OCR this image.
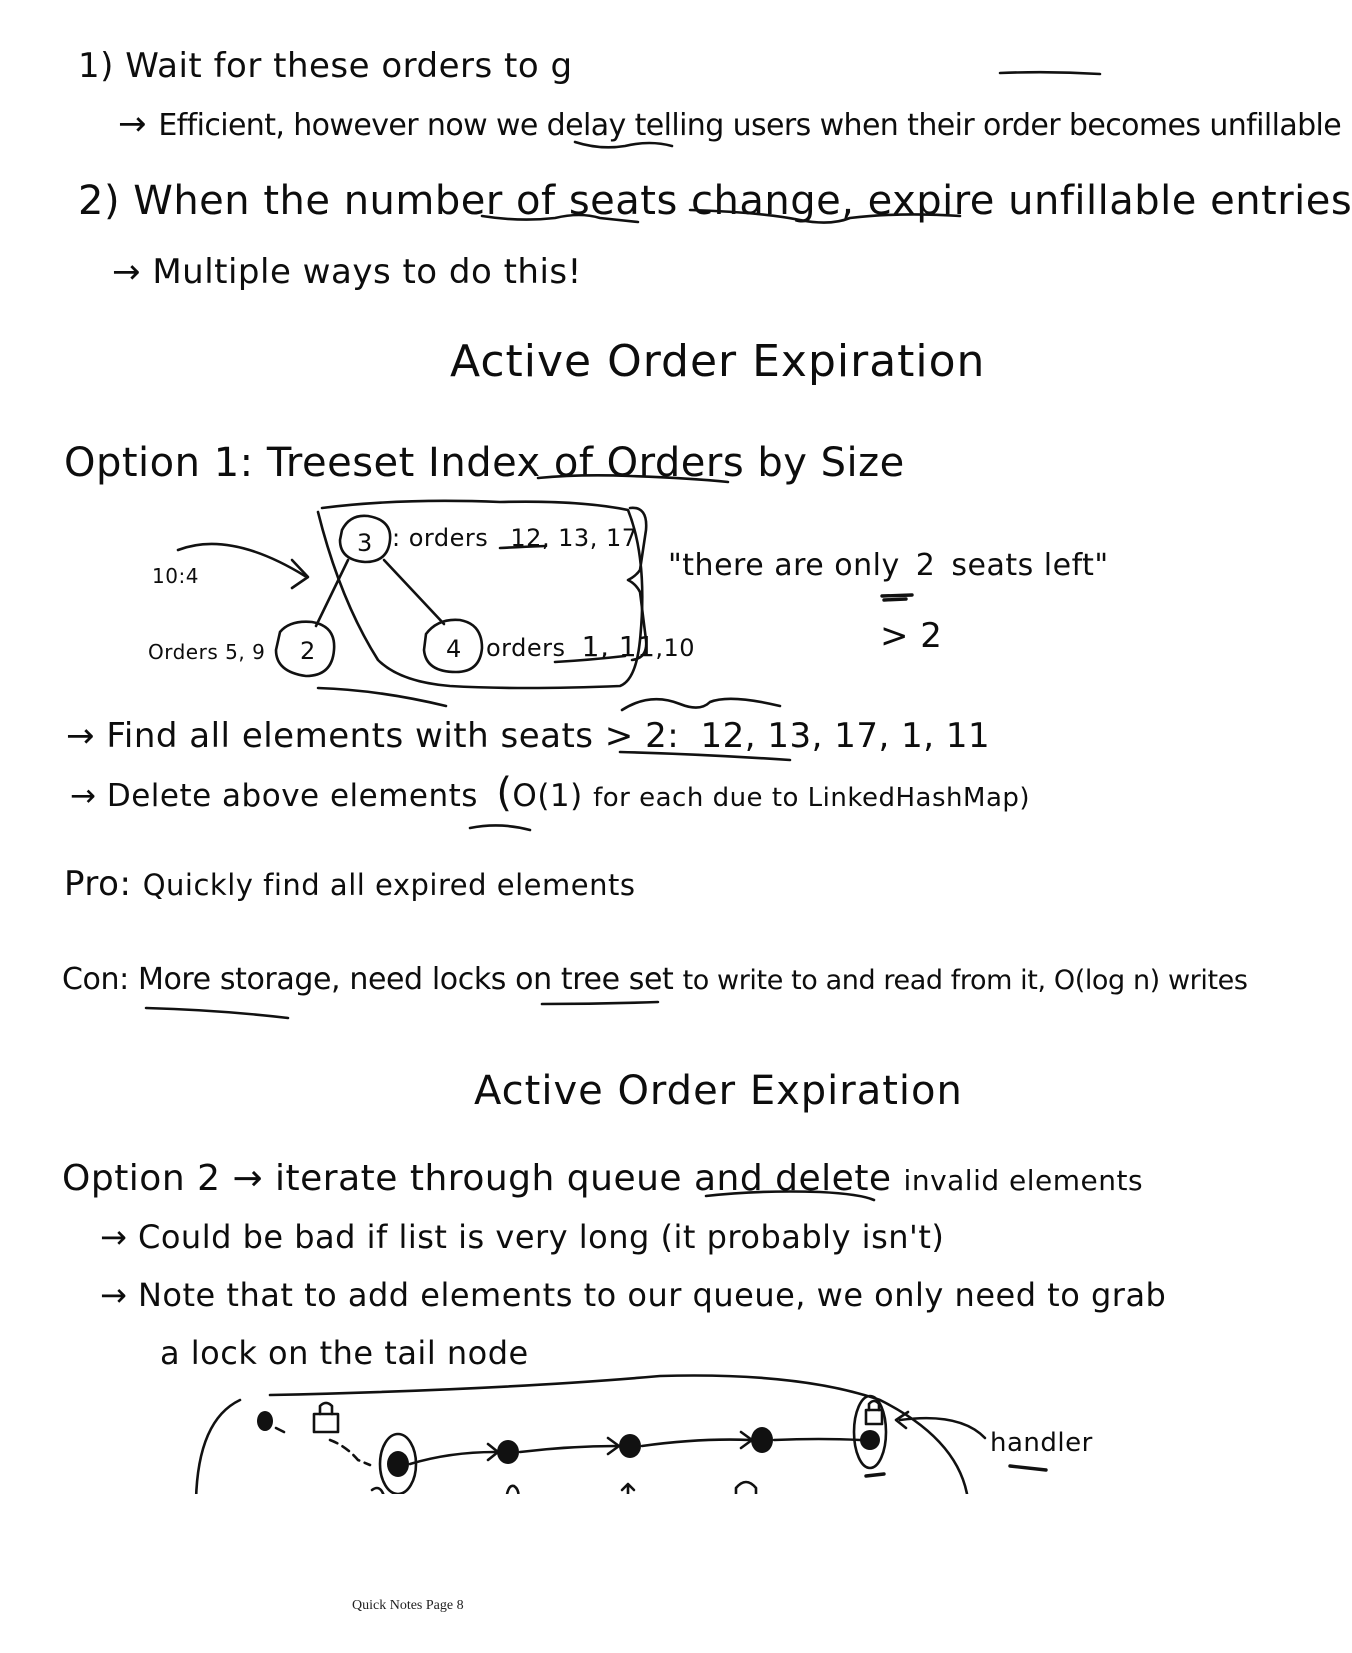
1) Wait for these orders to g
→ Efficient, however now we delay telling users when their order becomes unfillable
2) When the number of seats change, expire unfillable entries
→ Multiple ways to do this!
Active Order Expiration
Option 1: Treeset Index of Orders by Size
3
2	4
: orders 12, 13, 17
Orders 5, 9	orders 1, 11,10
10:4	"there are only 2 seats left"
> 2
→ Find all elements with seats > 2: 12, 13, 17, 1, 11
→ Delete above elements (O(1) for each due to LinkedHashMap)
Pro: Quickly find all expired elements
Con: More storage, need locks on tree set to write to and read from it, O(log n) writes
Active Order Expiration
Option 2 → iterate through queue and delete invalid elements
→ Could be bad if list is very long (it probably isn't)
→ Note that to add elements to our queue, we only need to grab
a lock on the tail node
handler
Quick Notes Page 8
